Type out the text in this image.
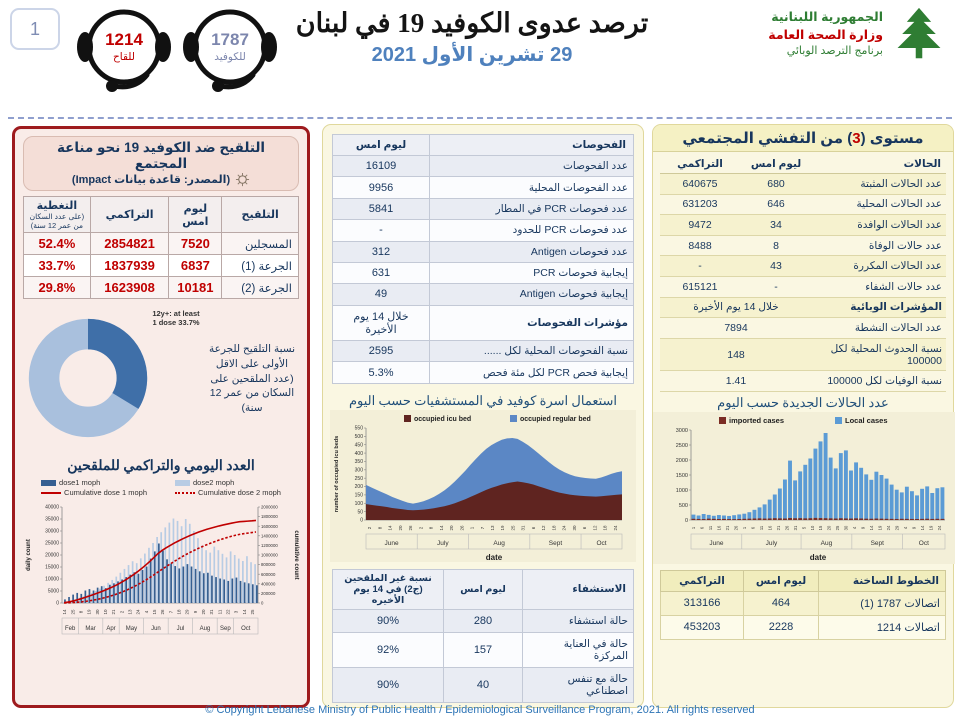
1
1214
للقاح
1787
للكوفيد
ترصد عدوى الكوفيد 19 في لبنان
29 تشرين الأول 2021
الجمهورية اللبنانية
وزارة الصحة العامة
برنامج الترصد الوبائي
التلقيح ضد الكوفيد 19 نحو مناعة المجتمع
(المصدر: قاعدة بيانات Impact)
التلقيح	ليوم امس	التراكمي	التغطية
(على عدد السكان من عمر 12 سنة)

المسجلين	7520	2854821	52.4%
الجرعة (1)	6837	1837939	33.7%
الجرعة (2)	10181	1623908	29.8%
12y+: at least 1 dose 33.7%
نسبة التلقيح للجرعة الأولى على الاقل
(عدد الملقحين على السكان من عمر 12 سنة)
العدد اليومي والتراكمي للملقحين
dose1 moph	dose2 moph
Cumulative dose 1 moph	Cumulative dose 2 moph
0
5000
10000
15000
20000
25000
30000
35000
40000
0
200000
400000
600000
800000
1000000
1200000
1400000
1600000
1800000
2000000
14 25 8 19 30 10 21 2 13 24 4 15 26 7 18 29 9 20 31 11 22 3 14 25
Feb Mar Apr May Jun	Jul	Aug Sep Oct
daily count	cumulative count
الفحوصات	ليوم امس
عدد الفحوصات	16109
عدد الفحوصات المحلية	9956
عدد فحوصات PCR في المطار	5841
عدد فحوصات PCR للحدود	-
عدد فحوصات Antigen	312
إيجابية فحوصات PCR	631
إيجابية فحوصات Antigen	49
مؤشرات الفحوصات	خلال 14 يوم الأخيرة
نسبة الفحوصات المحلية لكل ......	2595
إيجابية فحص PCR لكل مئة فحص	5.3%
استعمال اسرة كوفيد في المستشفيات حسب اليوم
occupied icu bed	occupied regular bed
0
50
100
150
200
250
300
350
400
450
500
550
2 8 14 20 26 2 8 14 20 26 1 7 13 19 25 31 6 12 18 24 30 6 12 18 24
June	July	Aug	Sept	Oct
date
number of occupied icu beds
الاستشفاء	ليوم امس	نسبة غير الملقحين (ج2) في 14 يوم الأخيره
حالة استشفاء	280	90%
حالة في العناية المركزة	157	92%
حالة مع تنفس اصطناعي	40	90%
مستوى (3) من التفشي المجتمعي
الحالات	ليوم امس	التراكمي
عدد الحالات المثبتة	680	640675
عدد الحالات المحلية	646	631203
عدد الحالات الوافدة	34	9472
عدد حالات الوفاة	8	8488
عدد الحالات المكررة	43	-
عدد حالات الشفاء	-	615121
المؤشرات الوبائية	خلال 14 يوم الأخيرة	
عدد الحالات النشطة	7894	
نسبة الحدوث المحلية لكل 100000	148	
نسبة الوفيات لكل 100000	1.41	
عدد الحالات الجديدة حسب اليوم
imported cases	Local cases
0
500
1000
1500
2000
2500
3000
1 6 11 16 21 26 1 6 11 16 21 26 31 5 10 15 20 25 30 4 9 14 19 24 29 4 9 14 19 24
June	July	Aug	Sept	Oct
date
الخطوط الساخنة	ليوم امس	التراكمي
اتصالات 1787 (1)	464	313166
اتصالات 1214	2228	453203
© Copyright Lebanese Ministry of Public Health / Epidemiological Surveillance Program, 2021. All rights reserved
